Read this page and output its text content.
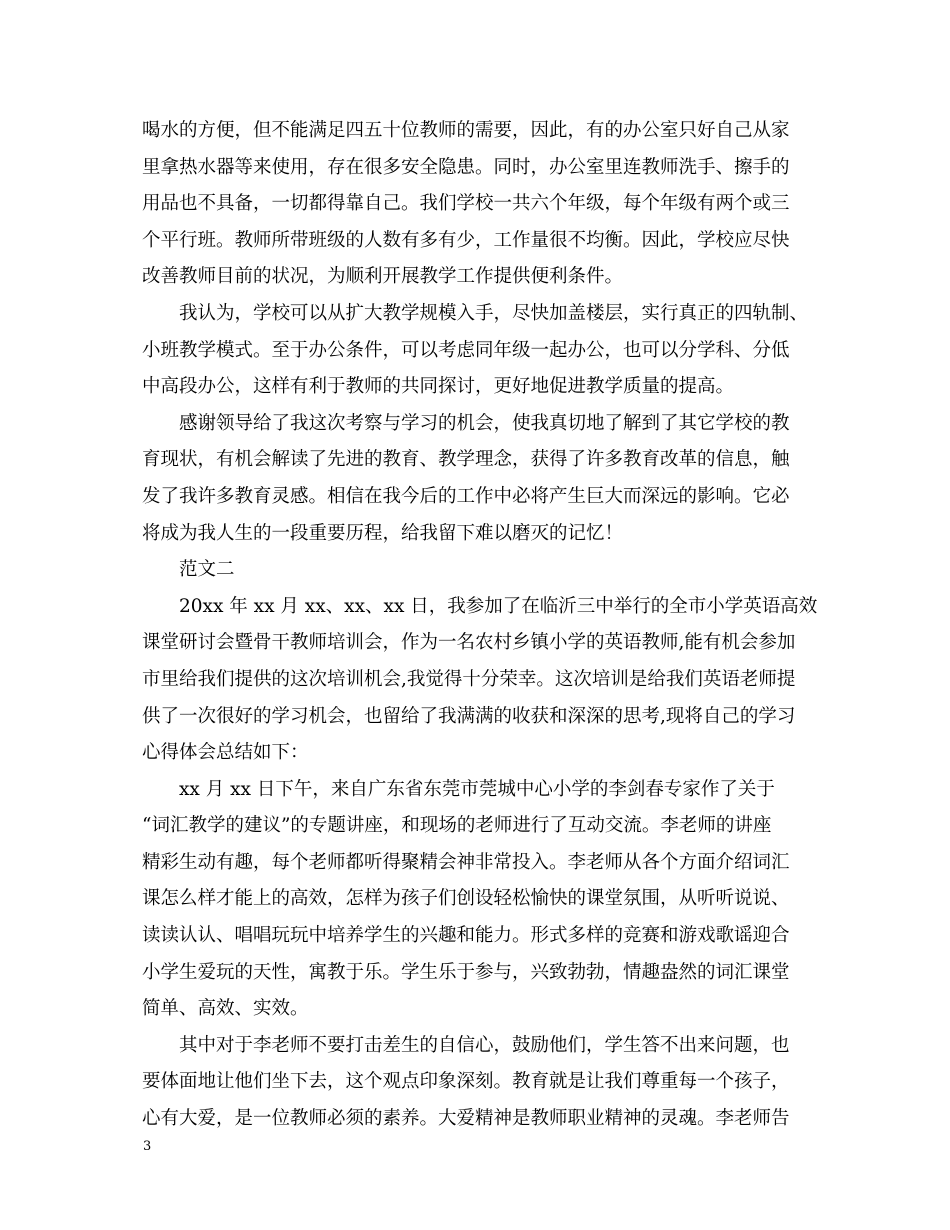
喝水的方便，但不能满足四五十位教师的需要，因此，有的办公室只好自己从家
里拿热水器等来使用，存在很多安全隐患。同时，办公室里连教师洗手、擦手的
用品也不具备，一切都得靠自己。我们学校一共六个年级，每个年级有两个或三
个平行班。教师所带班级的人数有多有少，工作量很不均衡。因此，学校应尽快
改善教师目前的状况，为顺利开展教学工作提供便利条件。
我认为，学校可以从扩大教学规模入手，尽快加盖楼层，实行真正的四轨制、
小班教学模式。至于办公条件，可以考虑同年级一起办公，也可以分学科、分低
中高段办公，这样有利于教师的共同探讨，更好地促进教学质量的提高。
感谢领导给了我这次考察与学习的机会，使我真切地了解到了其它学校的教
育现状，有机会解读了先进的教育、教学理念，获得了许多教育改革的信息，触
发了我许多教育灵感。相信在我今后的工作中必将产生巨大而深远的影响。它必
将成为我人生的一段重要历程，给我留下难以磨灭的记忆！
范文二
20xx 年 xx 月 xx、xx、xx 日，我参加了在临沂三中举行的全市小学英语高效
课堂研讨会暨骨干教师培训会，作为一名农村乡镇小学的英语教师,能有机会参加
市里给我们提供的这次培训机会,我觉得十分荣幸。这次培训是给我们英语老师提
供了一次很好的学习机会，也留给了我满满的收获和深深的思考,现将自己的学习
心得体会总结如下：
xx 月 xx 日下午，来自广东省东莞市莞城中心小学的李剑春专家作了关于
“词汇教学的建议”的专题讲座，和现场的老师进行了互动交流。李老师的讲座
精彩生动有趣，每个老师都听得聚精会神非常投入。李老师从各个方面介绍词汇
课怎么样才能上的高效，怎样为孩子们创设轻松愉快的课堂氛围，从听听说说、
读读认认、唱唱玩玩中培养学生的兴趣和能力。形式多样的竞赛和游戏歌谣迎合
小学生爱玩的天性，寓教于乐。学生乐于参与，兴致勃勃，情趣盎然的词汇课堂
简单、高效、实效。
其中对于李老师不要打击差生的自信心，鼓励他们，学生答不出来问题，也
要体面地让他们坐下去，这个观点印象深刻。教育就是让我们尊重每一个孩子，
心有大爱，是一位教师必须的素养。大爱精神是教师职业精神的灵魂。李老师告
3
